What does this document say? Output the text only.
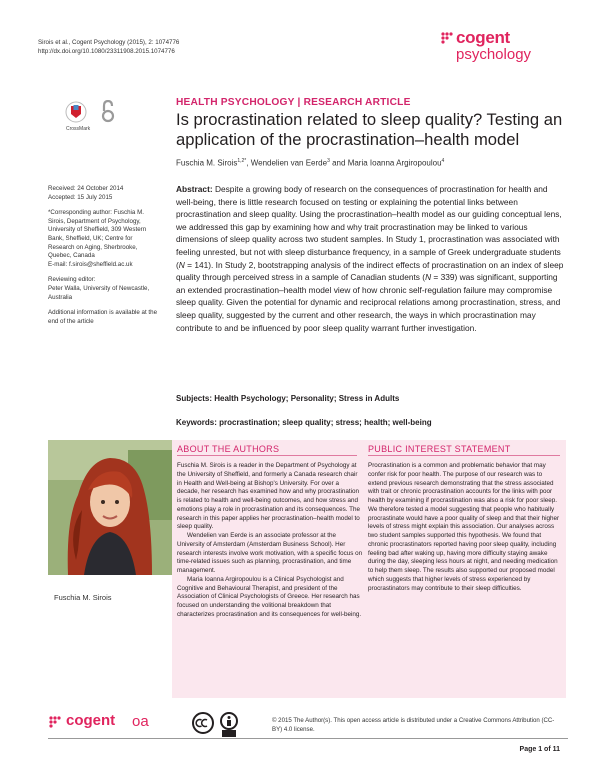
Sirois et al., Cogent Psychology (2015), 2: 1074776
http://dx.doi.org/10.1080/23311908.2015.1074776
cogent
psychology
CrossMark
HEALTH PSYCHOLOGY | RESEARCH ARTICLE
Is procrastination related to sleep quality? Testing an application of the procrastination–health model
Fuschia M. Sirois$^{1,2*}$, Wendelien van Eerde$^3$ and Maria Ioanna Argiropoulou$^4$

Received: 24 October 2014
Accepted: 15 July 2015

*Corresponding author: Fuschia M. Sirois, Department of Psychology, University of Sheffield, 309 Western Bank, Sheffield, UK; Centre for Research on Aging, Sherbrooke, Quebec, Canada
E-mail: f.sirois@sheffield.ac.uk

Reviewing editor:
Peter Walla, University of Newcastle, Australia

Additional information is available at the end of the article

Abstract: Despite a growing body of research on the consequences of procrastination for health and well-being, there is little research focused on testing or explaining the potential links between procrastination and sleep quality. Using the procrastination–health model as our guiding conceptual lens, we addressed this gap by examining how and why trait procrastination may be linked to various dimensions of sleep quality across two student samples. In Study 1, procrastination was associated with feeling unrested, but not with sleep disturbance frequency, in a sample of Greek undergraduate students (N = 141). In Study 2, bootstrapping analysis of the indirect effects of procrastination on an index of sleep quality through perceived stress in a sample of Canadian students (N = 339) was significant, supporting an extended procrastination–health model view of how chronic self-regulation failure may compromise sleep quality. Given the potential for dynamic and reciprocal relations among procrastination, stress, and sleep quality, suggested by the current and other research, the ways in which procrastination may contribute to and be influenced by poor sleep quality warrant further investigation.
Subjects: Health Psychology; Personality; Stress in Adults
Keywords: procrastination; sleep quality; stress; health; well-being
Fuschia M. Sirois
ABOUT THE AUTHORS

Fuschia M. Sirois is a reader in the Department of Psychology at the University of Sheffield, and formerly a Canada research chair in Health and Well-being at Bishop's University. For over a decade, her research has examined how and why procrastination is related to health and well-being outcomes, and how stress and emotions play a role in procrastination and its consequences. The research in this paper applies her procrastination–health model to sleep quality.

Wendelien van Eerde is an associate professor at the University of Amsterdam (Amsterdam Business School). Her research interests involve work motivation, with a specific focus on time-related issues such as planning, procrastination, and time management.

Maria Ioanna Argiropoulou is a Clinical Psychologist and Cognitive and Behavioural Therapist, and president of the Association of Clinical Psychologists of Greece. Her research has focused on understanding the volitional breakdown that characterizes procrastination and its consequences for well-being.

PUBLIC INTEREST STATEMENT
Procrastination is a common and problematic behavior that may confer risk for poor health. The purpose of our research was to extend previous research demonstrating that the stress associated with trait or chronic procrastination accounts for the links with poor health by examining if procrastination was also a risk for poor sleep. We therefore tested a model suggesting that people who habitually procrastinate would have a poor quality of sleep and that their higher levels of stress might explain this association. Our analyses across two student samples supported this hypothesis. We found that chronic procrastinators reported having poor sleep quality, including feeling bad after waking up, having more difficulty staying awake during the day, sleeping less hours at night, and needing medication to help them sleep. The results also supported our proposed model which suggests that higher levels of stress experienced by procrastinators may contribute to their sleep difficulties.
cogent oa	© 2015 The Author(s). This open access article is distributed under a Creative Commons Attribution (CC-BY) 4.0 license.
Page 1 of 11
